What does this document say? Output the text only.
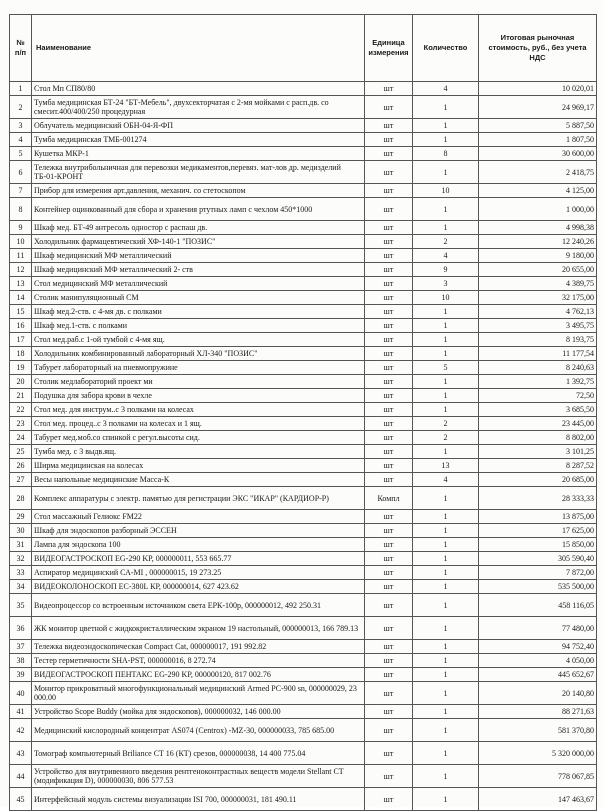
№ п/п	Наименование	Единица измерения	Количество	Итоговая рыночная стоимость, руб., без учета НДС
1	Стол Мп СП80/80	шт	4	10 020,01
2	Тумба медицинская БТ-24 "БТ-Мебель", двухсекторчатая с 2-мя мойками с расп.дв. со смесит.400/400/250 процедурная	шт	1	24 969,17
3	Облучатель медицинский ОБН-04-Я-ФП	шт	1	5 887,50
4	Тумба медицинская ТМБ-001274	шт	1	1 807,50
5	Кушетка МКР-1	шт	8	30 600,00
6	Тележка внутрибольничная для перевозки медикаментов,перевяз. мат-лов др. медизделий ТБ-01-КРОНТ	шт	1	2 418,75
7	Прибор для измерения арт.давления, механич. со стетоскопом	шт	10	4 125,00
8	Контейнер оцинкованный для сбора и хранения ртутных ламп с чехлом 450*1000	шт	1	1 000,00
9	Шкаф мед. БТ-49 антресоль одностор с распаш дв.	шт	1	4 998,38
10	Холодильник фармацевтический ХФ-140-1 "ПОЗИС"	шт	2	12 240,26
11	Шкаф медицинский МФ металлический	шт	4	9 180,00
12	Шкаф медицинский МФ металлический 2- ств	шт	9	20 655,00
13	Стол медицинский МФ металлический	шт	3	4 389,75
14	Столик манипуляционный СМ	шт	10	32 175,00
15	Шкаф мед.2-ств. с 4-мя дв. с полками	шт	1	4 762,13
16	Шкаф мед.1-ств. с полками	шт	1	3 495,75
17	Стол мед.раб.с 1-ой тумбой с 4-мя ящ.	шт	1	8 193,75
18	Холодильник комбинированный лабораторный ХЛ-340 "ПОЗИС"	шт	1	11 177,54
19	Табурет лабораторный на пневмопружине	шт	5	8 240,63
20	Столик медлабораторий проект ми	шт	1	1 392,75
21	Подушка для забора крови в чехле	шт	1	72,50
22	Стол мед. для инструм..с 3 полками на колесах	шт	1	3 685,50
23	Стол мед. процед..с 3 полками на колесах и 1 ящ.	шт	2	23 445,00
24	Табурет мед.моб.со спинкой с регул.высоты сид.	шт	2	8 802,00
25	Тумба мед. с 3 выдв.ящ.	шт	1	3 101,25
26	Ширма медицинская на колесах	шт	13	8 287,52
27	Весы напольные медицинские Масса-К	шт	4	20 685,00
28	Комплекс аппаратуры с электр. памятью для регистрации ЭКС "ИКАР" (КАРДИОР-Р)	Компл	1	28 333,33
29	Стол массажный Гелиокс FM22	шт	1	13 875,00
30	Шкаф для эндоскопов разборный ЭССЕН	шт	1	17 625,00
31	Лампа для эндоскопа 100	шт	1	15 850,00
32	ВИДЕОГАСТРОСКОП EG-290 KP, 000000011, 553 665.77	шт	1	305 590,40
33	Аспиратор медицинский СА-МI , 000000015, 19 273.25	шт	1	7 872,00
34	ВИДЕОКОЛОНОСКОП ЕС-380L КР, 000000014, 627 423.62	шт	1	535 500,00
35	Видеопроцессор со встроенным источником света ЕРК-100р, 000000012, 492 250.31	шт	1	458 116,05
36	ЖК монитор цветной с жидкокристаллическим экраном 19 настольный, 000000013, 166 789.13	шт	1	77 480,00
37	Тележка видеоэндоскопическая Compact Cat, 000000017, 191 992.82	шт	1	94 752,40
38	Тестер герметичности SHA-PST, 000000016, 8 272.74	шт	1	4 050,00
39	ВИДЕОГАСТРОСКОП ПЕНТАКС EG-290 KP, 000000120, 817 002.76	шт	1	445 652,67
40	Монитор прикроватный многофункциональный медицинский Armed PC-900 sn, 000000029, 23 000.00	шт	1	20 140,80
41	Устройство Scope Buddy (мойка для эндоскопов), 000000032, 146 000.00	шт	1	88 271,63
42	Медицинский кислородный концентрат AS074 (Centrox) -MZ-30, 000000033, 785 685.00	шт	1	581 370,80
43	Томограф компьютерный Briliance CT 16 (КТ) срезов, 000000038, 14 400 775.04	шт	1	5 320 000,00
44	Устройство для внутривенного введения рентгеноконтрастных веществ модели Stellant CT (модификация D), 000000030, 806 577.53	шт	1	778 067,85
45	Интерфейсный модуль системы визуализации ISI 700, 000000031, 181 490.11	шт	1	147 463,67
